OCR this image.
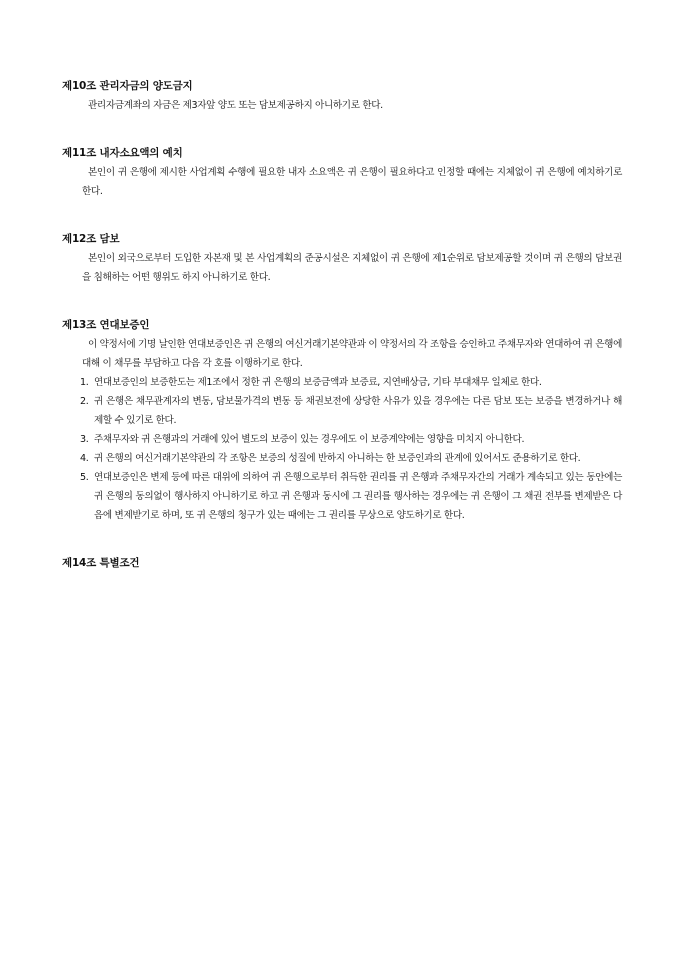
제10조 관리자금의 양도금지

관리자금계좌의 자금은 제3자앞 양도 또는 담보제공하지 아니하기로 한다.

제11조 내자소요액의 예치

본인이 귀 은행에 제시한 사업계획 수행에 필요한 내자 소요액은 귀 은행이 필요하다고 인정할 때에는 지체없이 귀 은행에 예치하기로 한다.

제12조 담보

본인이 외국으로부터 도입한 자본재 및 본 사업계획의 준공시설은 지체없이 귀 은행에 제1순위로 담보제공할 것이며 귀 은행의 담보권을 침해하는 어떤 행위도 하지 아니하기로 한다.

제13조 연대보증인

이 약정서에 기명 날인한 연대보증인은 귀 은행의 여신거래기본약관과 이 약정서의 각 조항을 승인하고 주채무자와 연대하여 귀 은행에 대해 이 채무를 부담하고 다음 각 호를 이행하기로 한다.

1. 연대보증인의 보증한도는 제1조에서 정한 귀 은행의 보증금액과 보증료, 지연배상금, 기타 부대채무 일체로 한다.
2. 귀 은행은 채무관계자의 변동, 담보물가격의 변동 등 채권보전에 상당한 사유가 있을 경우에는 다른 담보 또는 보증을 변경하거나 해제할 수 있기로 한다.
3. 주채무자와 귀 은행과의 거래에 있어 별도의 보증이 있는 경우에도 이 보증계약에는 영향을 미치지 아니한다.
4. 귀 은행의 여신거래기본약관의 각 조항은 보증의 성질에 반하지 아니하는 한 보증인과의 관계에 있어서도 준용하기로 한다.
5. 연대보증인은 변제 등에 따른 대위에 의하여 귀 은행으로부터 취득한 권리를 귀 은행과 주채무자간의 거래가 계속되고 있는 동안에는 귀 은행의 동의없이 행사하지 아니하기로 하고 귀 은행과 동시에 그 권리를 행사하는 경우에는 귀 은행이 그 채권 전부를 변제받은 다음에 변제받기로 하며, 또 귀 은행의 청구가 있는 때에는 그 권리를 무상으로 양도하기로 한다.
제14조 특별조건
